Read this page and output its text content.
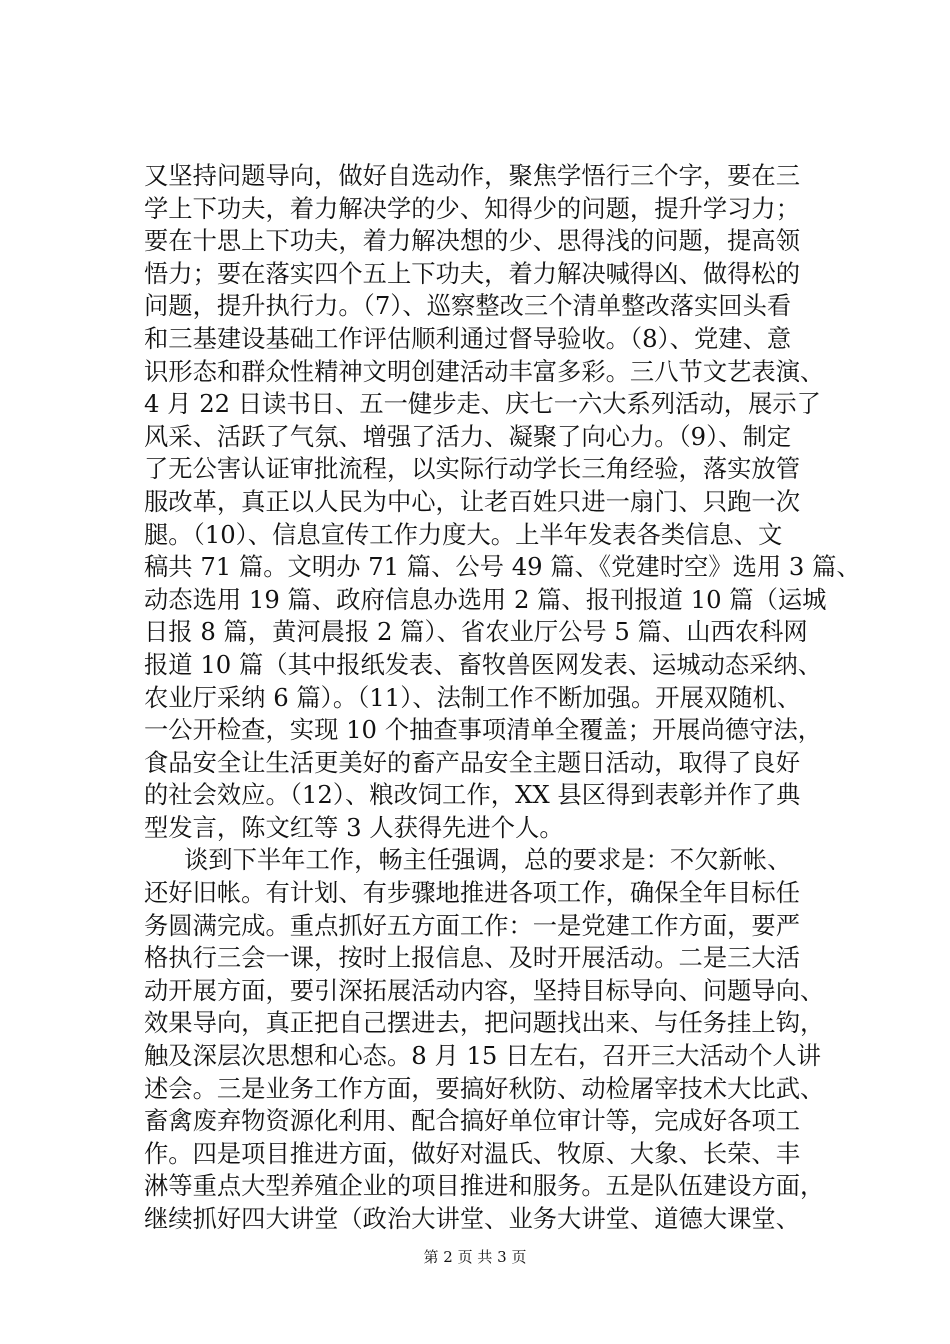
又坚持问题导向，做好自选动作，聚焦学悟行三个字，要在三
学上下功夫，着力解决学的少、知得少的问题，提升学习力；
要在十思上下功夫，着力解决想的少、思得浅的问题，提高领
悟力；要在落实四个五上下功夫，着力解决喊得凶、做得松的
问题，提升执行力。（7）、巡察整改三个清单整改落实回头看
和三基建设基础工作评估顺利通过督导验收。（8）、党建、意
识形态和群众性精神文明创建活动丰富多彩。三八节文艺表演、
4 月 22 日读书日、五一健步走、庆七一六大系列活动，展示了
风采、活跃了气氛、增强了活力、凝聚了向心力。（9）、制定
了无公害认证审批流程，以实际行动学长三角经验，落实放管
服改革，真正以人民为中心，让老百姓只进一扇门、只跑一次
腿。（10）、信息宣传工作力度大。上半年发表各类信息、文
稿共 71 篇。文明办 71 篇、公号 49 篇、《党建时空》选用 3 篇、
动态选用 19 篇、政府信息办选用 2 篇、报刊报道 10 篇（运城
日报 8 篇，黄河晨报 2 篇）、省农业厅公号 5 篇、山西农科网
报道 10 篇（其中报纸发表、畜牧兽医网发表、运城动态采纳、
农业厅采纳 6 篇）。（11）、法制工作不断加强。开展双随机、
一公开检查，实现 10 个抽查事项清单全覆盖；开展尚德守法，
食品安全让生活更美好的畜产品安全主题日活动，取得了良好
的社会效应。（12）、粮改饲工作，XX 县区得到表彰并作了典
型发言，陈文红等 3 人获得先进个人。
谈到下半年工作，畅主任强调，总的要求是：不欠新帐、
还好旧帐。有计划、有步骤地推进各项工作，确保全年目标任
务圆满完成。重点抓好五方面工作：一是党建工作方面，要严
格执行三会一课，按时上报信息、及时开展活动。二是三大活
动开展方面，要引深拓展活动内容，坚持目标导向、问题导向、
效果导向，真正把自己摆进去，把问题找出来、与任务挂上钩，
触及深层次思想和心态。8 月 15 日左右，召开三大活动个人讲
述会。三是业务工作方面，要搞好秋防、动检屠宰技术大比武、
畜禽废弃物资源化利用、配合搞好单位审计等，完成好各项工
作。四是项目推进方面，做好对温氏、牧原、大象、长荣、丰
淋等重点大型养殖企业的项目推进和服务。五是队伍建设方面，
继续抓好四大讲堂（政治大讲堂、业务大讲堂、道德大课堂、
第 2 页 共 3 页
